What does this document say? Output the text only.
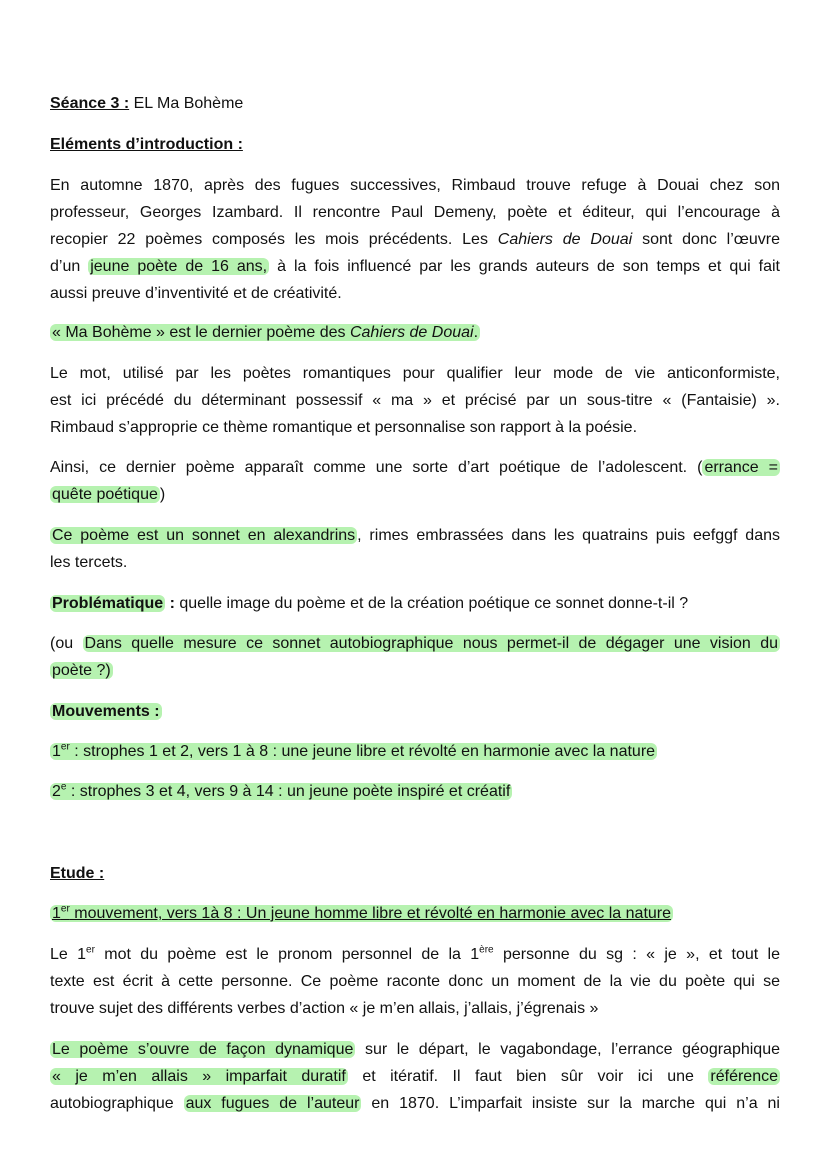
Séance 3 : EL Ma Bohème
Eléments d’introduction :
En automne 1870, après des fugues successives, Rimbaud trouve refuge à Douai chez son
professeur, Georges Izambard. Il rencontre Paul Demeny, poète et éditeur, qui l’encourage à
recopier 22 poèmes composés les mois précédents. Les Cahiers de Douai sont donc l’œuvre
d’un jeune poète de 16 ans, à la fois influencé par les grands auteurs de son temps et qui fait
aussi preuve d’inventivité et de créativité.
« Ma Bohème » est le dernier poème des Cahiers de Douai.
Le mot, utilisé par les poètes romantiques pour qualifier leur mode de vie anticonformiste,
est ici précédé du déterminant possessif « ma » et précisé par un sous-titre « (Fantaisie) ».
Rimbaud s’approprie ce thème romantique et personnalise son rapport à la poésie.
Ainsi, ce dernier poème apparaît comme une sorte d’art poétique de l’adolescent. ( errance =
quête poétique )
Ce poème est un sonnet en alexandrins , rimes embrassées dans les quatrains puis eefggf dans
les tercets.
Problématique : quelle image du poème et de la création poétique ce sonnet donne-t-il ?
(ou Dans quelle mesure ce sonnet autobiographique nous permet-il de dégager une vision du
poète ?)
Mouvements :
1er : strophes 1 et 2, vers 1 à 8 : une jeune libre et révolté en harmonie avec la nature
2e : strophes 3 et 4, vers 9 à 14 : un jeune poète inspiré et créatif
Etude :
1er mouvement, vers 1à 8 : Un jeune homme libre et révolté en harmonie avec la nature
Le 1er mot du poème est le pronom personnel de la 1ère personne du sg : « je », et tout le
texte est écrit à cette personne. Ce poème raconte donc un moment de la vie du poète qui se
trouve sujet des différents verbes d’action « je m’en allais, j’allais, j’égrenais »
Le poème s’ouvre de façon dynamique sur le départ, le vagabondage, l’errance géographique
« je m’en allais » imparfait duratif et itératif. Il faut bien sûr voir ici une référence
autobiographique aux fugues de l’auteur en 1870. L’imparfait insiste sur la marche qui n’a ni
